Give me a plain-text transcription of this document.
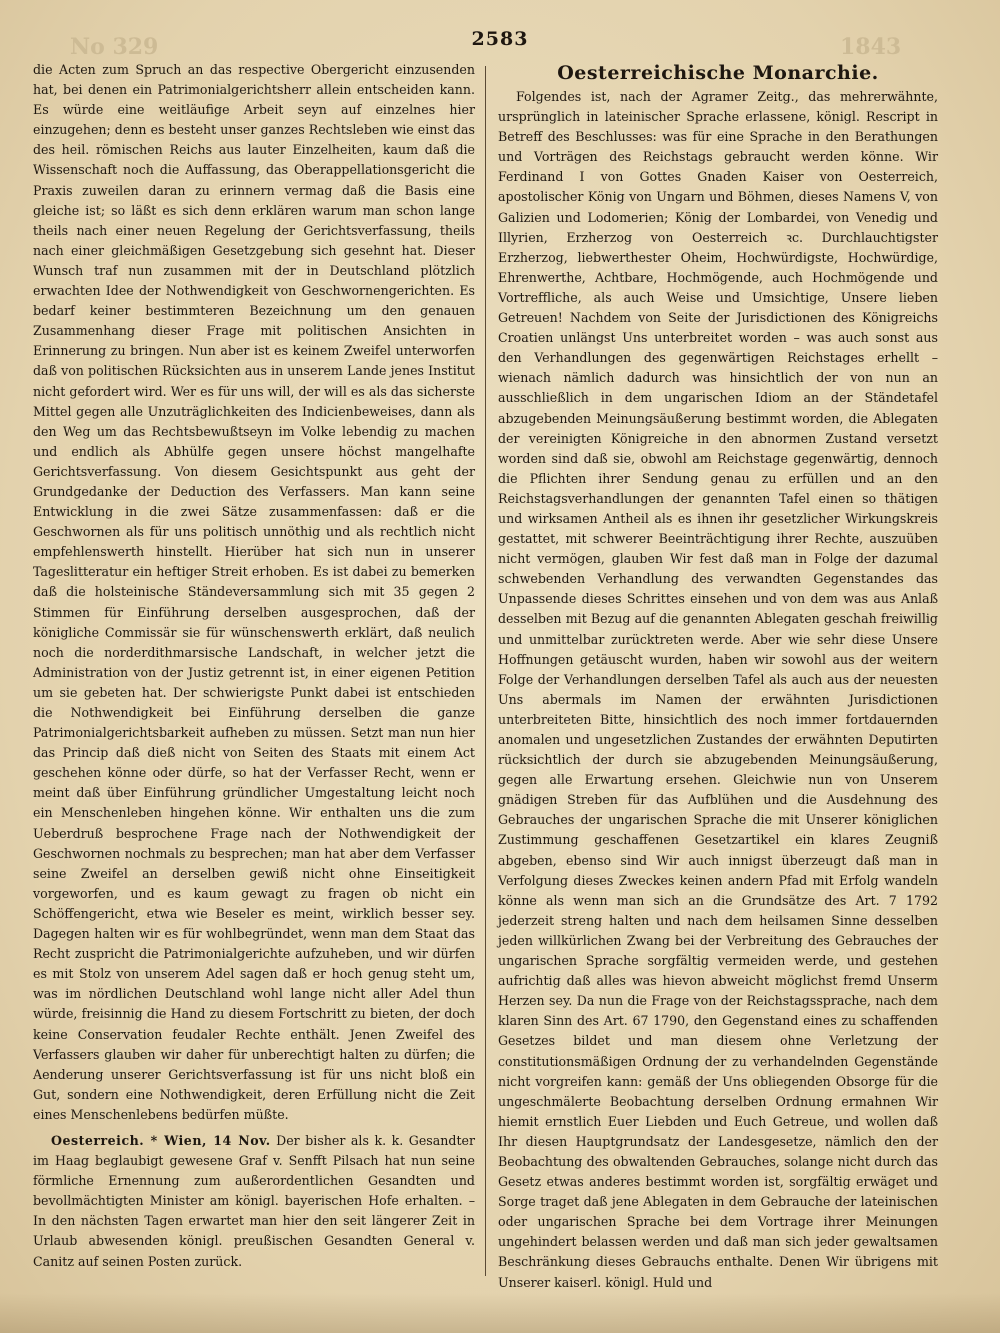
No 329	1843
2583

die Acten zum Spruch an das respective Obergericht einzusenden hat, bei denen ein Patrimonialgerichtsherr allein entscheiden kann. Es würde eine weitläufige Arbeit seyn auf einzelnes hier einzugehen; denn es besteht unser ganzes Rechtsleben wie einst das des heil. römischen Reichs aus lauter Einzelheiten, kaum daß die Wissenschaft noch die Auffassung, das Oberappellationsgericht die Praxis zuweilen daran zu erinnern vermag daß die Basis eine gleiche ist; so läßt es sich denn erklären warum man schon lange theils nach einer neuen Regelung der Gerichtsverfassung, theils nach einer gleichmäßigen Gesetzgebung sich gesehnt hat. Dieser Wunsch traf nun zusammen mit der in Deutschland plötzlich erwachten Idee der Nothwendigkeit von Geschwornengerichten. Es bedarf keiner bestimmteren Bezeichnung um den genauen Zusammenhang dieser Frage mit politischen Ansichten in Erinnerung zu bringen. Nun aber ist es keinem Zweifel unterworfen daß von politischen Rücksichten aus in unserem Lande jenes Institut nicht gefordert wird. Wer es für uns will, der will es als das sicherste Mittel gegen alle Unzuträglichkeiten des Indicienbeweises, dann als den Weg um das Rechtsbewußtseyn im Volke lebendig zu machen und endlich als Abhülfe gegen unsere höchst mangelhafte Gerichtsverfassung. Von diesem Gesichtspunkt aus geht der Grundgedanke der Deduction des Verfassers. Man kann seine Entwicklung in die zwei Sätze zusammenfassen: daß er die Geschwornen als für uns politisch unnöthig und als rechtlich nicht empfehlenswerth hinstellt. Hierüber hat sich nun in unserer Tageslitteratur ein heftiger Streit erhoben. Es ist dabei zu bemerken daß die holsteinische Ständeversammlung sich mit 35 gegen 2 Stimmen für Einführung derselben ausgesprochen, daß der königliche Commissär sie für wünschenswerth erklärt, daß neulich noch die norderdithmarsische Landschaft, in welcher jetzt die Administration von der Justiz getrennt ist, in einer eigenen Petition um sie gebeten hat. Der schwierigste Punkt dabei ist entschieden die Nothwendigkeit bei Einführung derselben die ganze Patrimonialgerichtsbarkeit aufheben zu müssen. Setzt man nun hier das Princip daß dieß nicht von Seiten des Staats mit einem Act geschehen könne oder dürfe, so hat der Verfasser Recht, wenn er meint daß über Einführung gründlicher Umgestaltung leicht noch ein Menschenleben hingehen könne. Wir enthalten uns die zum Ueberdruß besprochene Frage nach der Nothwendigkeit der Geschwornen nochmals zu besprechen; man hat aber dem Verfasser seine Zweifel an derselben gewiß nicht ohne Einseitigkeit vorgeworfen, und es kaum gewagt zu fragen ob nicht ein Schöffengericht, etwa wie Beseler es meint, wirklich besser sey. Dagegen halten wir es für wohlbegründet, wenn man dem Staat das Recht zuspricht die Patrimonialgerichte aufzuheben, und wir dürfen es mit Stolz von unserem Adel sagen daß er hoch genug steht um, was im nördlichen Deutschland wohl lange nicht aller Adel thun würde, freisinnig die Hand zu diesem Fortschritt zu bieten, der doch keine Conservation feudaler Rechte enthält. Jenen Zweifel des Verfassers glauben wir daher für unberechtigt halten zu dürfen; die Aenderung unserer Gerichtsverfassung ist für uns nicht bloß ein Gut, sondern eine Nothwendigkeit, deren Erfüllung nicht die Zeit eines Menschenlebens bedürfen müßte.

Oesterreich. * Wien, 14 Nov. Der bisher als k. k. Gesandter im Haag beglaubigt gewesene Graf v. Senfft Pilsach hat nun seine förmliche Ernennung zum außerordentlichen Gesandten und bevollmächtigten Minister am königl. bayerischen Hofe erhalten. – In den nächsten Tagen erwartet man hier den seit längerer Zeit in Urlaub abwesenden königl. preußischen Gesandten General v. Canitz auf seinen Posten zurück.

Oesterreichische Monarchie.

Folgendes ist, nach der Agramer Zeitg., das mehrerwähnte, ursprünglich in lateinischer Sprache erlassene, königl. Rescript in Betreff des Beschlusses: was für eine Sprache in den Berathungen und Vorträgen des Reichstags gebraucht werden könne. Wir Ferdinand I von Gottes Gnaden Kaiser von Oesterreich, apostolischer König von Ungarn und Böhmen, dieses Namens V, von Galizien und Lodomerien; König der Lombardei, von Venedig und Illyrien, Erzherzog von Oesterreich ꝛc. Durchlauchtigster Erzherzog, liebwerthester Oheim, Hochwürdigste, Hochwürdige, Ehrenwerthe, Achtbare, Hochmögende, auch Hochmögende und Vortreffliche, als auch Weise und Umsichtige, Unsere lieben Getreuen! Nachdem von Seite der Jurisdictionen des Königreichs Croatien unlängst Uns unterbreitet worden – was auch sonst aus den Verhandlungen des gegenwärtigen Reichstages erhellt – wienach nämlich dadurch was hinsichtlich der von nun an ausschließlich in dem ungarischen Idiom an der Ständetafel abzugebenden Meinungsäußerung bestimmt worden, die Ablegaten der vereinigten Königreiche in den abnormen Zustand versetzt worden sind daß sie, obwohl am Reichstage gegenwärtig, dennoch die Pflichten ihrer Sendung genau zu erfüllen und an den Reichstagsverhandlungen der genannten Tafel einen so thätigen und wirksamen Antheil als es ihnen ihr gesetzlicher Wirkungskreis gestattet, mit schwerer Beeinträchtigung ihrer Rechte, auszuüben nicht vermögen, glauben Wir fest daß man in Folge der dazumal schwebenden Verhandlung des verwandten Gegenstandes das Unpassende dieses Schrittes einsehen und von dem was aus Anlaß desselben mit Bezug auf die genannten Ablegaten geschah freiwillig und unmittelbar zurücktreten werde. Aber wie sehr diese Unsere Hoffnungen getäuscht wurden, haben wir sowohl aus der weitern Folge der Verhandlungen derselben Tafel als auch aus der neuesten Uns abermals im Namen der erwähnten Jurisdictionen unterbreiteten Bitte, hinsichtlich des noch immer fortdauernden anomalen und ungesetzlichen Zustandes der erwähnten Deputirten rücksichtlich der durch sie abzugebenden Meinungsäußerung, gegen alle Erwartung ersehen. Gleichwie nun von Unserem gnädigen Streben für das Aufblühen und die Ausdehnung des Gebrauches der ungarischen Sprache die mit Unserer königlichen Zustimmung geschaffenen Gesetzartikel ein klares Zeugniß abgeben, ebenso sind Wir auch innigst überzeugt daß man in Verfolgung dieses Zweckes keinen andern Pfad mit Erfolg wandeln könne als wenn man sich an die Grundsätze des Art. 7 1792 jederzeit streng halten und nach dem heilsamen Sinne desselben jeden willkürlichen Zwang bei der Verbreitung des Gebrauches der ungarischen Sprache sorgfältig vermeiden werde, und gestehen aufrichtig daß alles was hievon abweicht möglichst fremd Unserm Herzen sey. Da nun die Frage von der Reichstagssprache, nach dem klaren Sinn des Art. 67 1790, den Gegenstand eines zu schaffenden Gesetzes bildet und man diesem ohne Verletzung der constitutionsmäßigen Ordnung der zu verhandelnden Gegenstände nicht vorgreifen kann: gemäß der Uns obliegenden Obsorge für die ungeschmälerte Beobachtung derselben Ordnung ermahnen Wir hiemit ernstlich Euer Liebden und Euch Getreue, und wollen daß Ihr diesen Hauptgrundsatz der Landesgesetze, nämlich den der Beobachtung des obwaltenden Gebrauches, solange nicht durch das Gesetz etwas anderes bestimmt worden ist, sorgfältig erwäget und Sorge traget daß jene Ablegaten in dem Gebrauche der lateinischen oder ungarischen Sprache bei dem Vortrage ihrer Meinungen ungehindert belassen werden und daß man sich jeder gewaltsamen Beschränkung dieses Gebrauchs enthalte. Denen Wir übrigens mit Unserer kaiserl. königl. Huld und
